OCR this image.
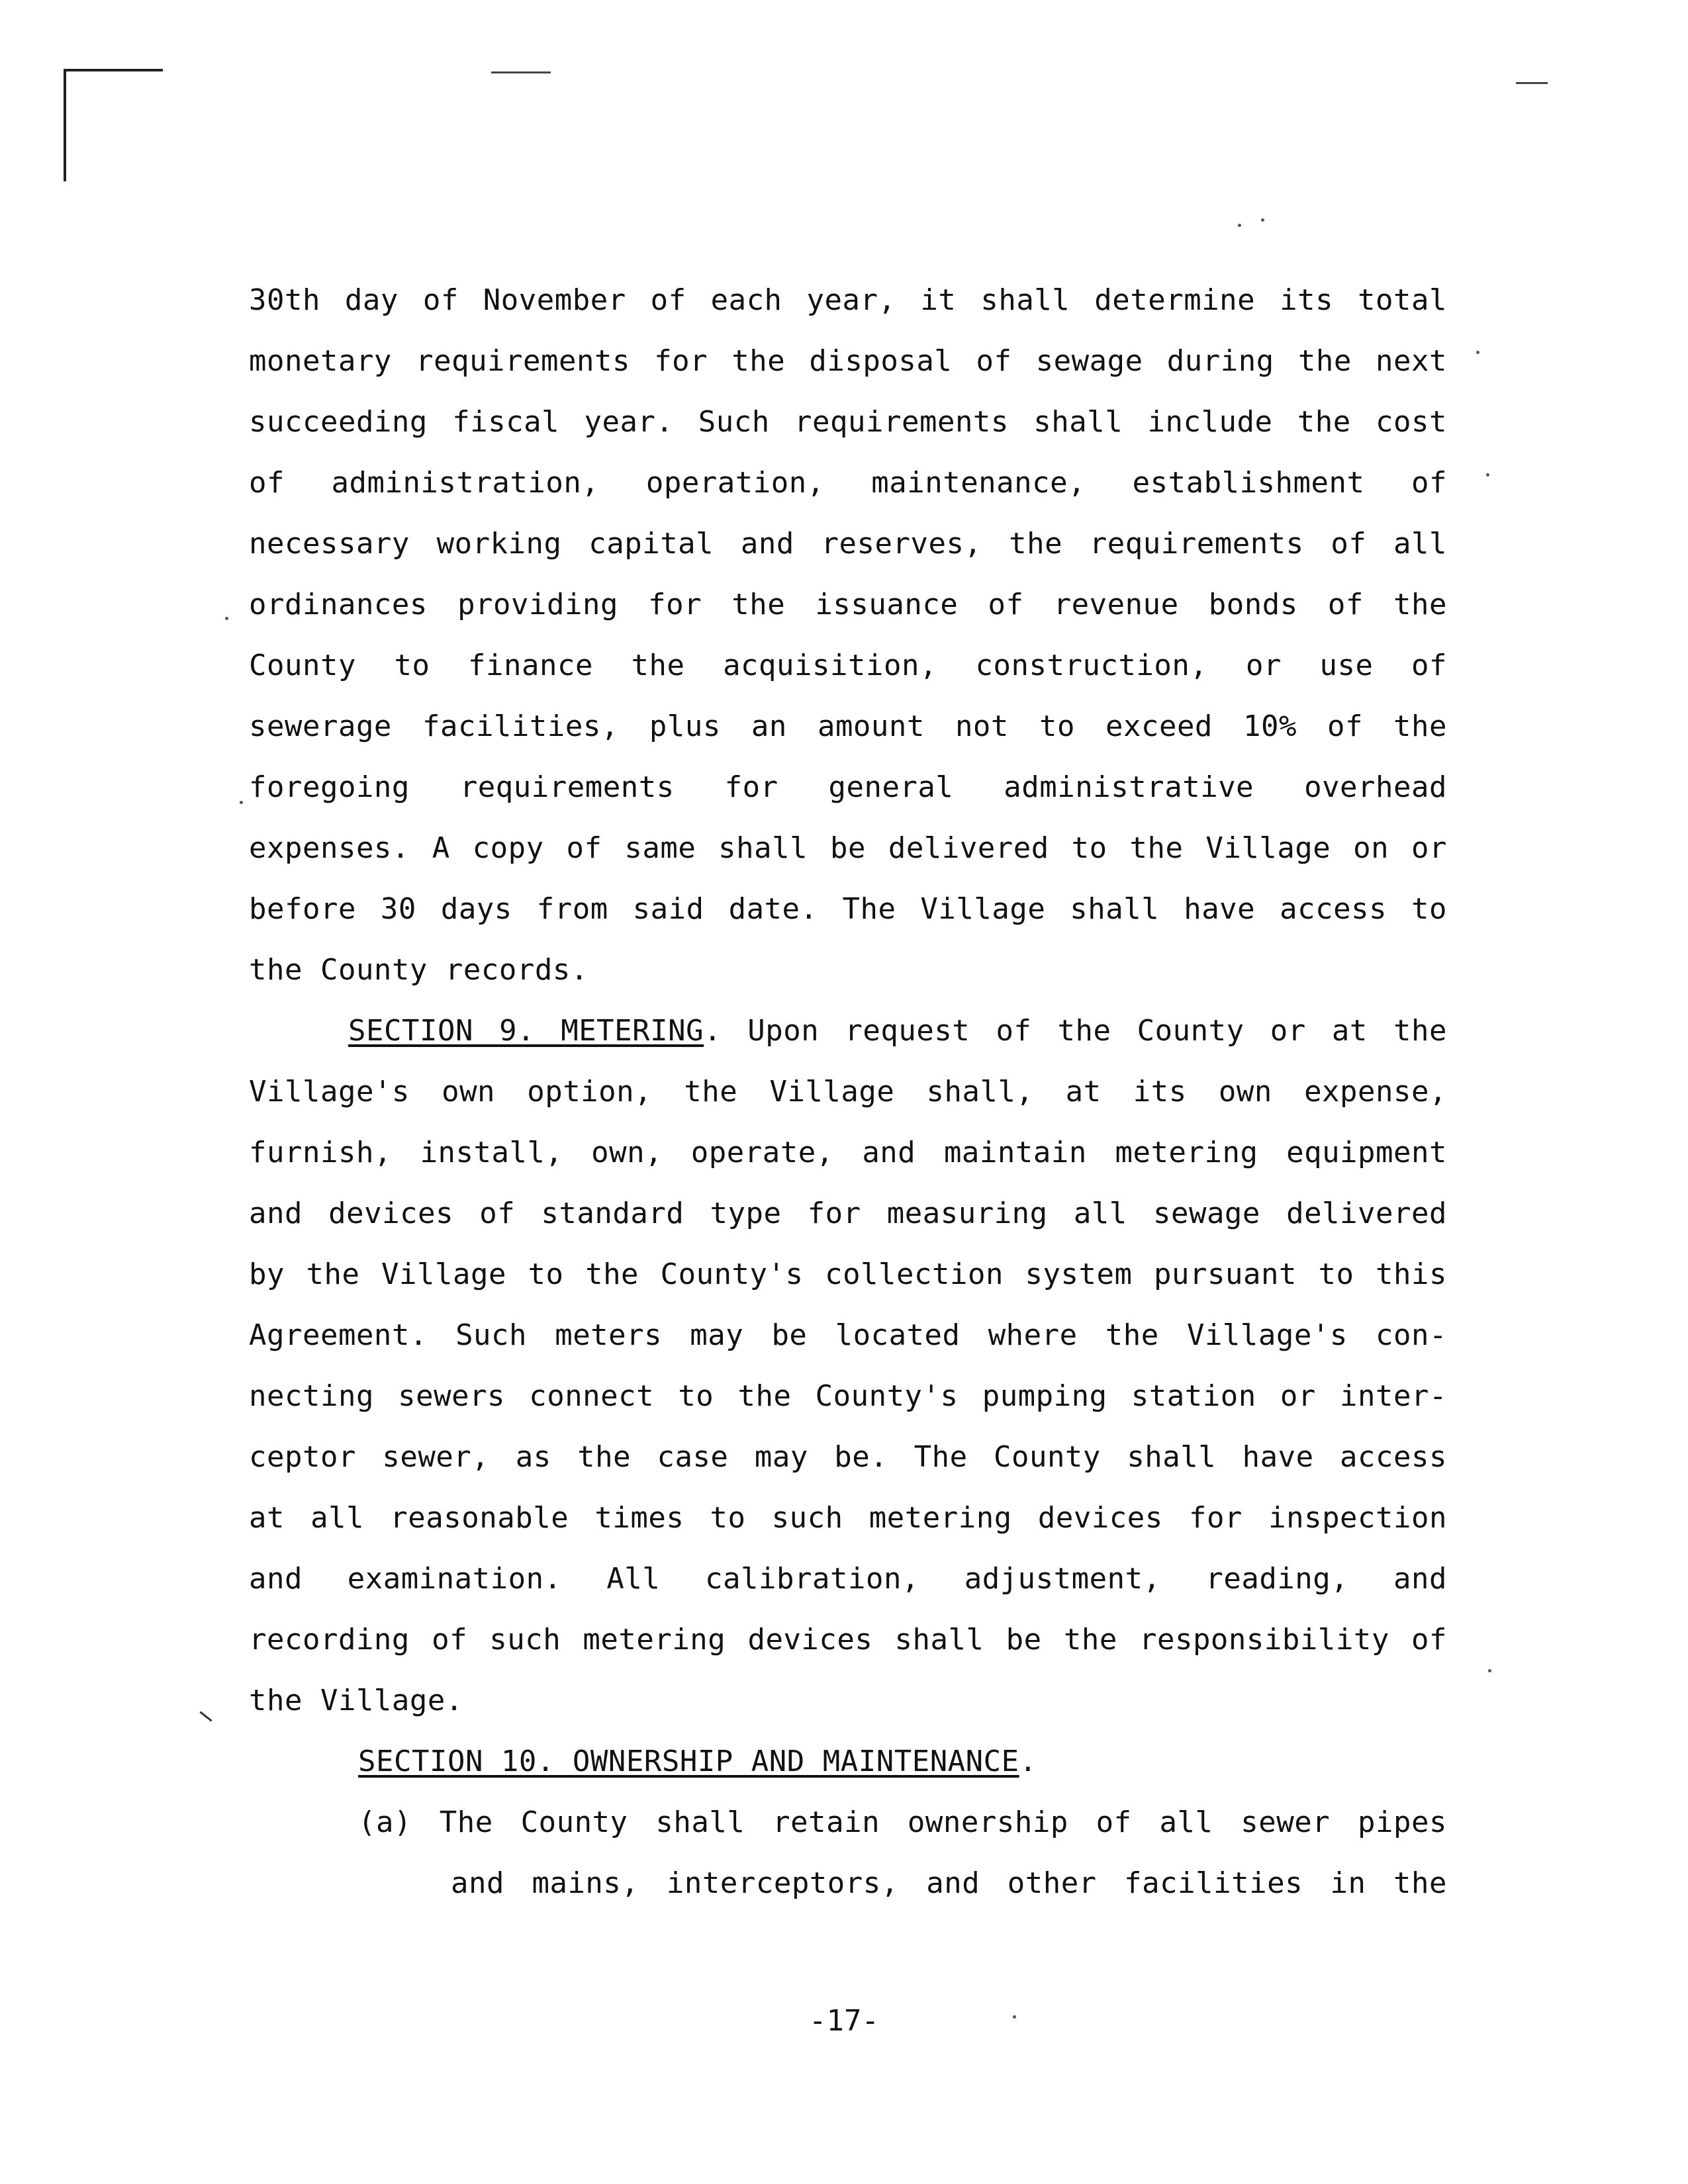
30th day of November of each year, it shall determine its total
monetary requirements for the disposal of sewage during the next
succeeding fiscal year. Such requirements shall include the cost
of administration, operation, maintenance, establishment of
necessary working capital and reserves, the requirements of all
ordinances providing for the issuance of revenue bonds of the
County to finance the acquisition, construction, or use of
sewerage facilities, plus an amount not to exceed 10% of the
foregoing requirements for general administrative overhead
expenses. A copy of same shall be delivered to the Village on or
before 30 days from said date. The Village shall have access to
the County records.
SECTION 9. METERING. Upon request of the County or at the
Village's own option, the Village shall, at its own expense,
furnish, install, own, operate, and maintain metering equipment
and devices of standard type for measuring all sewage delivered
by the Village to the County's collection system pursuant to this
Agreement. Such meters may be located where the Village's con-
necting sewers connect to the County's pumping station or inter-
ceptor sewer, as the case may be. The County shall have access
at all reasonable times to such metering devices for inspection
and examination. All calibration, adjustment, reading, and
recording of such metering devices shall be the responsibility of
the Village.
SECTION 10. OWNERSHIP AND MAINTENANCE.
(a) The County shall retain ownership of all sewer pipes
and mains, interceptors, and other facilities in the
-17-
